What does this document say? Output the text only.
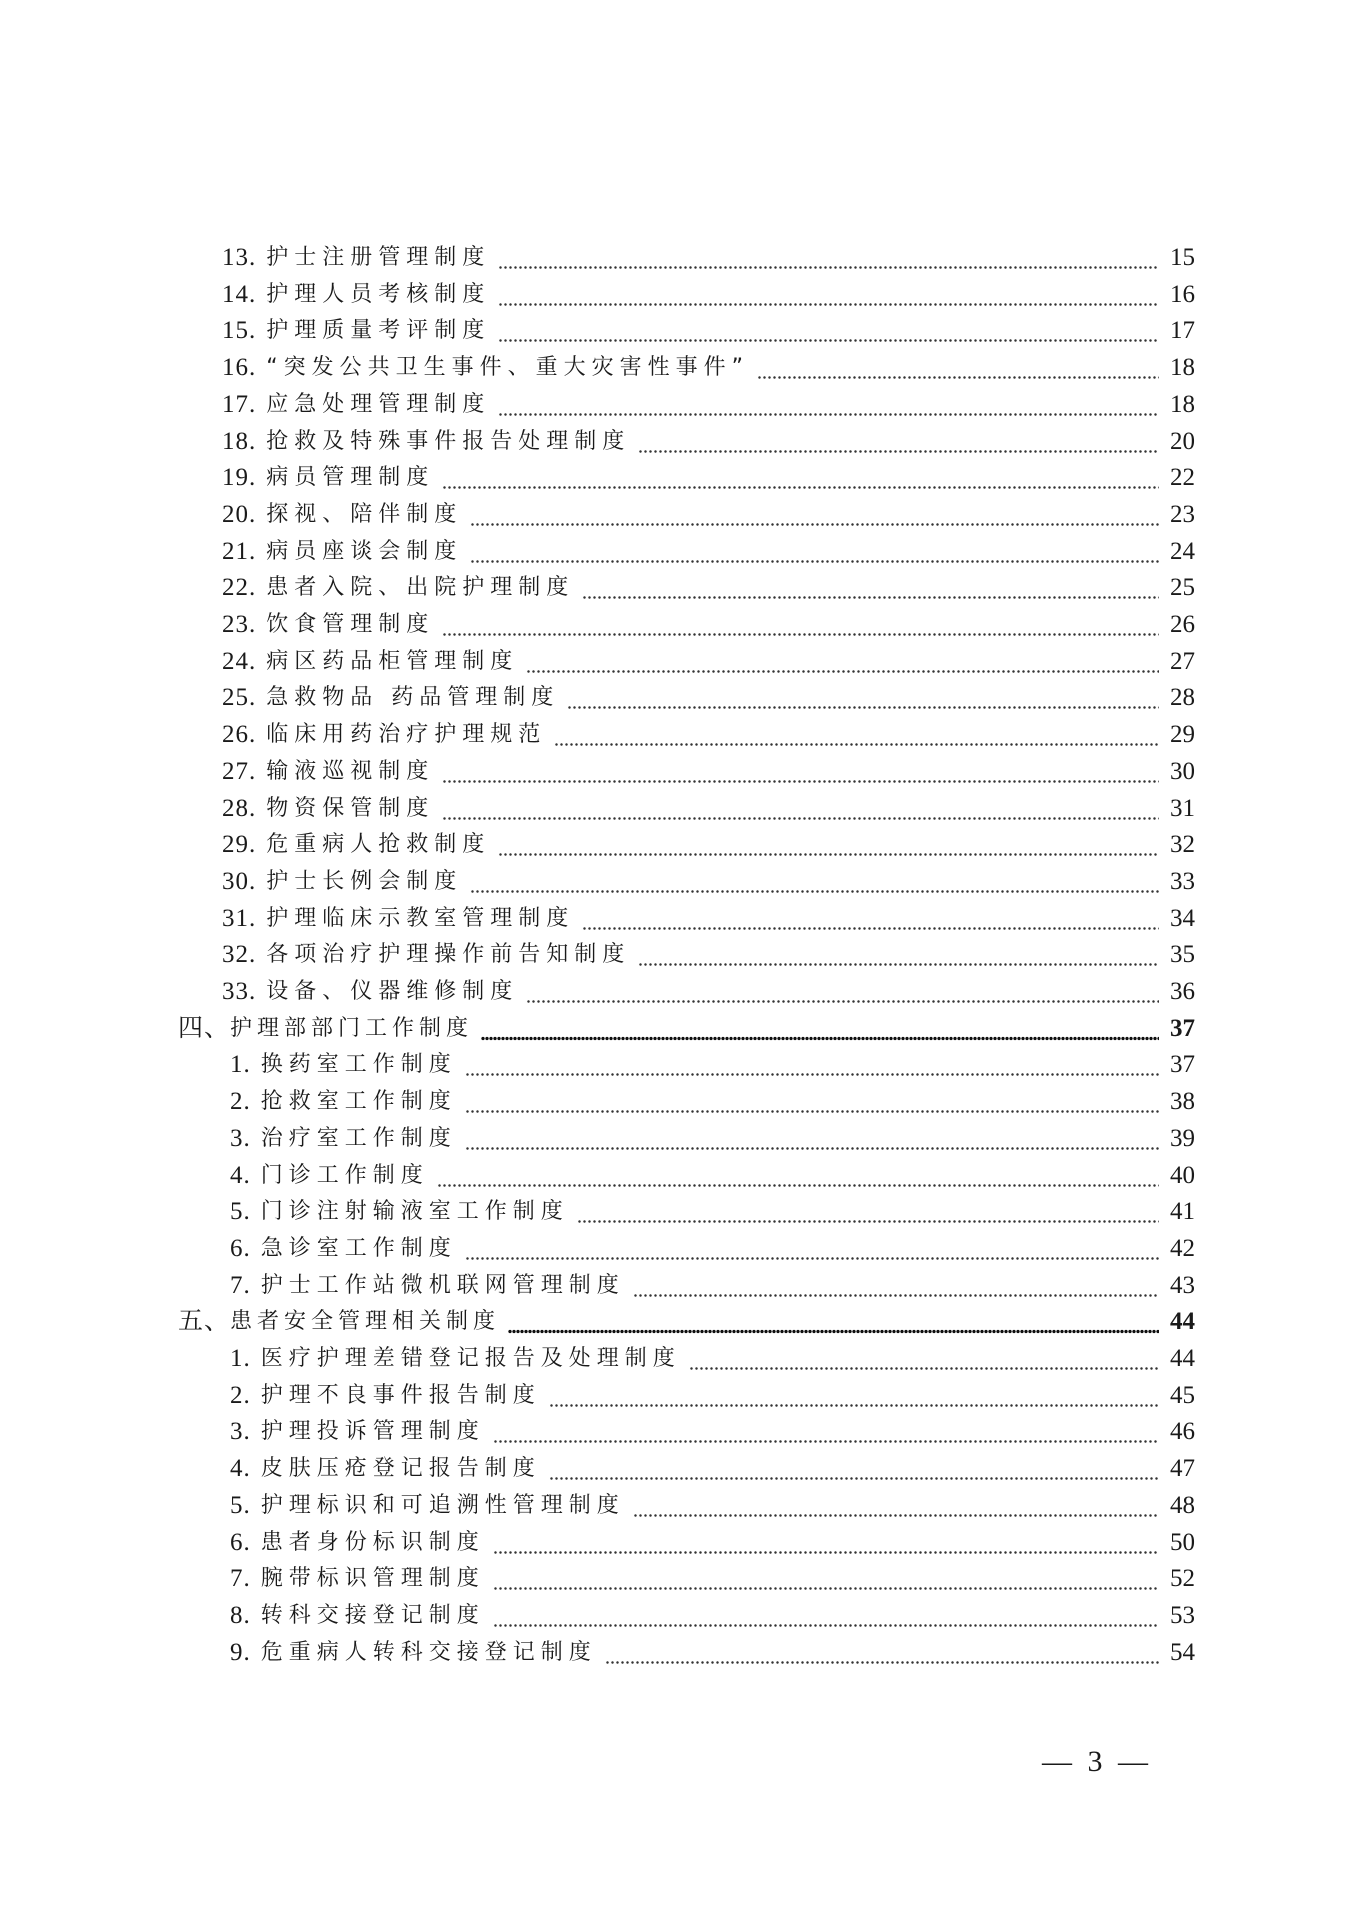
13. 护士注册管理制度	15
14. 护理人员考核制度	16
15. 护理质量考评制度	17
16. “突发公共卫生事件、重大灾害性事件”	18
17. 应急处理管理制度	18
18. 抢救及特殊事件报告处理制度	20
19. 病员管理制度	22
20. 探视、陪伴制度	23
21. 病员座谈会制度	24
22. 患者入院、出院护理制度	25
23. 饮食管理制度	26
24. 病区药品柜管理制度	27
25. 急救物品 药品管理制度	28
26. 临床用药治疗护理规范	29
27. 输液巡视制度	30
28. 物资保管制度	31
29. 危重病人抢救制度	32
30. 护士长例会制度	33
31. 护理临床示教室管理制度	34
32. 各项治疗护理操作前告知制度	35
33. 设备、仪器维修制度	36
四、 护理部部门工作制度	37
1. 换药室工作制度	37
2. 抢救室工作制度	38
3. 治疗室工作制度	39
4. 门诊工作制度	40
5. 门诊注射输液室工作制度	41
6. 急诊室工作制度	42
7. 护士工作站微机联网管理制度	43
五、 患者安全管理相关制度	44
1. 医疗护理差错登记报告及处理制度	44
2. 护理不良事件报告制度	45
3. 护理投诉管理制度	46
4. 皮肤压疮登记报告制度	47
5. 护理标识和可追溯性管理制度	48
6. 患者身份标识制度	50
7. 腕带标识管理制度	52
8. 转科交接登记制度	53
9. 危重病人转科交接登记制度	54
— 3 —
